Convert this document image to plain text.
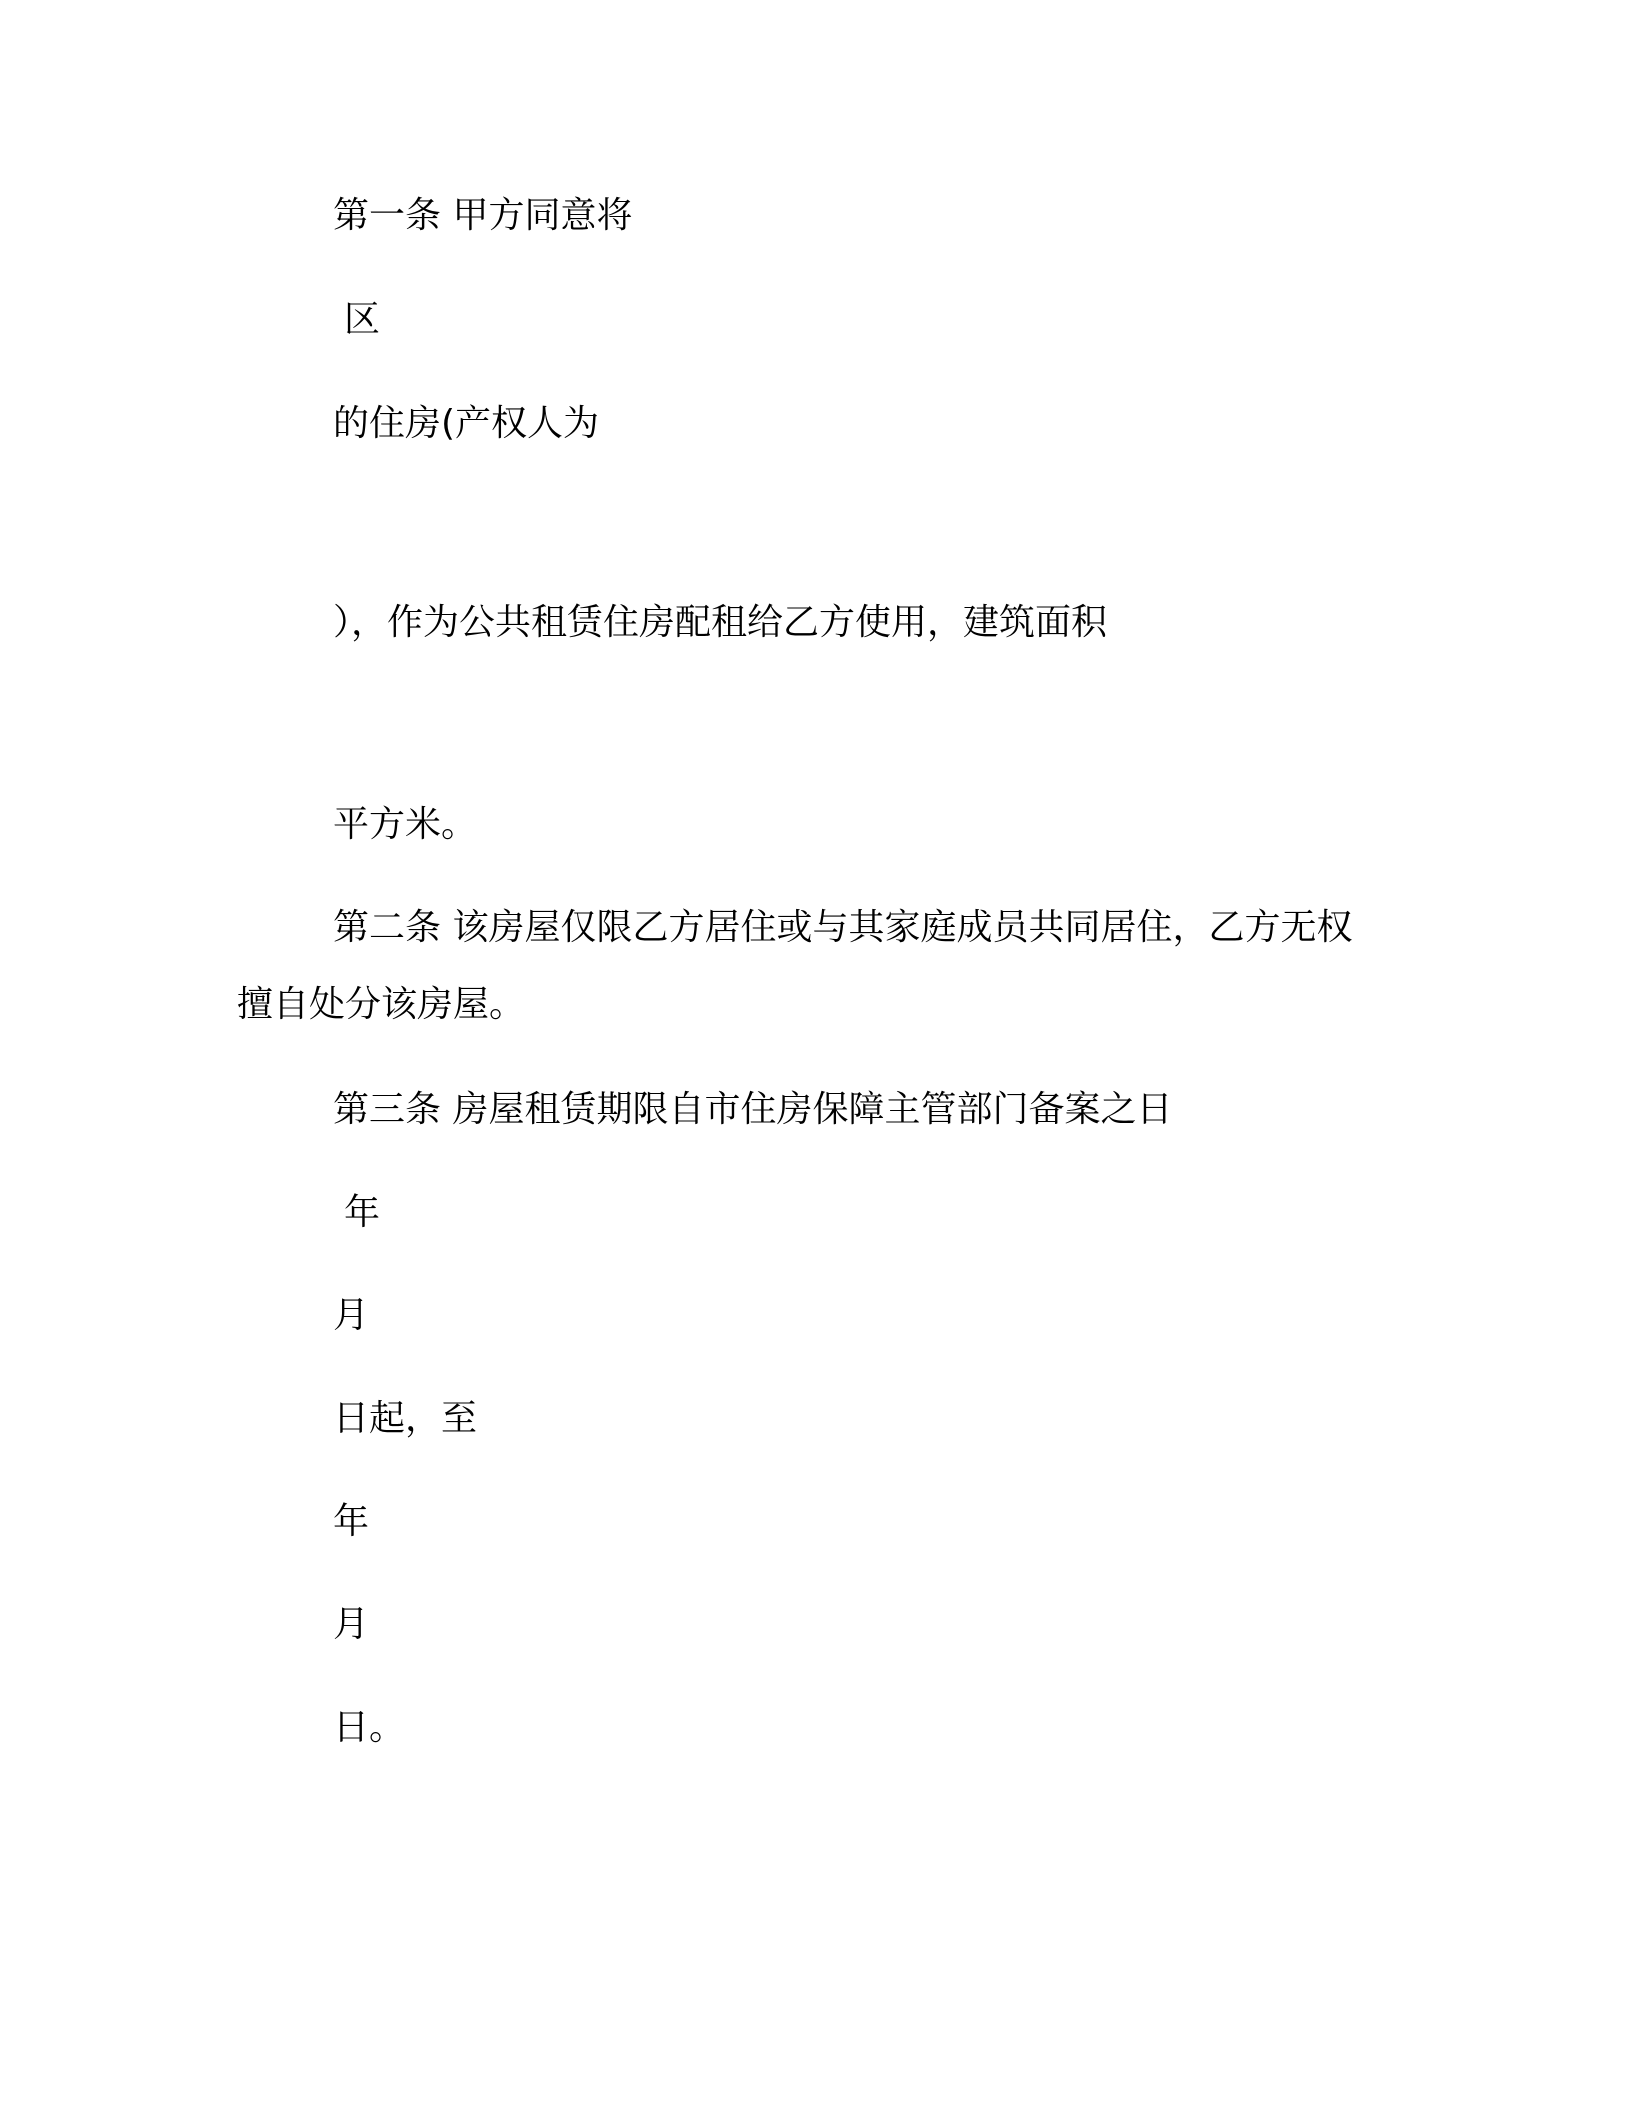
第一条 甲方同意将
区
的住房(产权人为
），作为公共租赁住房配租给乙方使用，建筑面积
平方米。
第二条 该房屋仅限乙方居住或与其家庭成员共同居住，乙方无权
擅自处分该房屋。
第三条 房屋租赁期限自市住房保障主管部门备案之日
年
月
日起，至
年
月
日。
